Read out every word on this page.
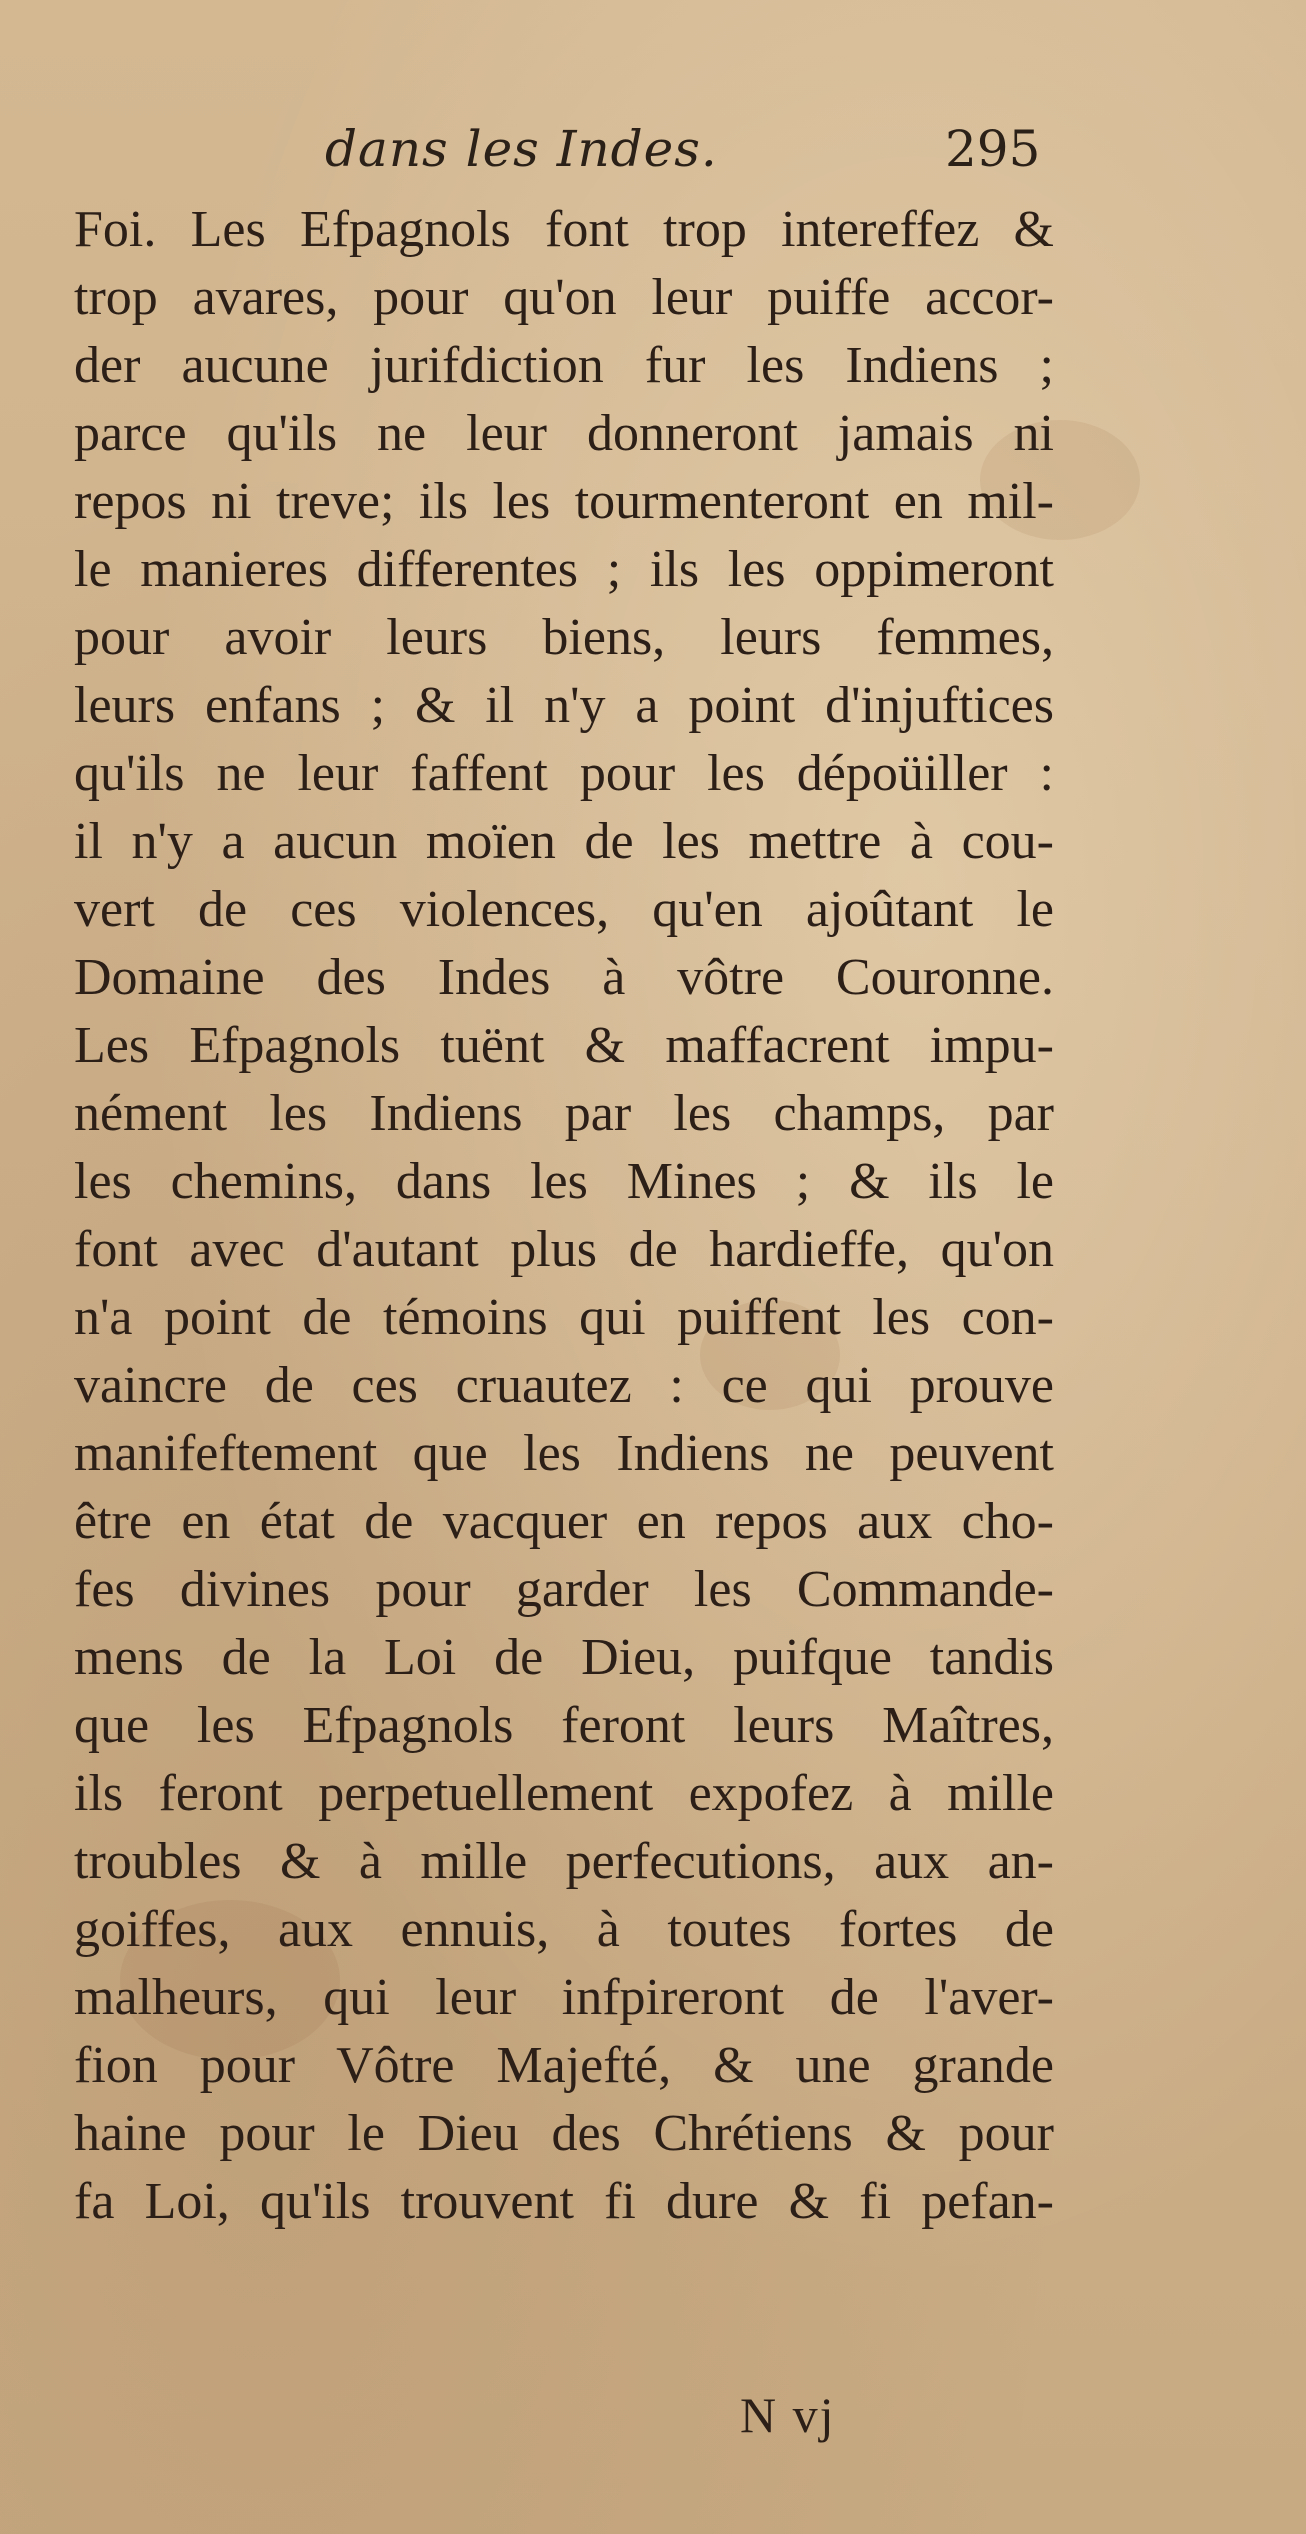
dans les Indes.	295
Foi. Les Efpagnols font trop intereffez &
trop avares, pour qu'on leur puiffe accor-
der aucune jurifdiction fur les Indiens ;
parce qu'ils ne leur donneront jamais ni
repos ni treve; ils les tourmenteront en mil-
le manieres differentes ; ils les oppimeront
pour avoir leurs biens, leurs femmes,
leurs enfans ; & il n'y a point d'injuftices
qu'ils ne leur faffent pour les dépoüiller :
il n'y a aucun moïen de les mettre à cou-
vert de ces violences, qu'en ajoûtant le
Domaine des Indes à vôtre Couronne.
Les Efpagnols tuënt & maffacrent impu-
nément les Indiens par les champs, par
les chemins, dans les Mines ; & ils le
font avec d'autant plus de hardieffe, qu'on
n'a point de témoins qui puiffent les con-
vaincre de ces cruautez : ce qui prouve
manifeftement que les Indiens ne peuvent
être en état de vacquer en repos aux cho-
fes divines pour garder les Commande-
mens de la Loi de Dieu, puifque tandis
que les Efpagnols feront leurs Maîtres,
ils feront perpetuellement expofez à mille
troubles & à mille perfecutions, aux an-
goiffes, aux ennuis, à toutes fortes de
malheurs, qui leur infpireront de l'aver-
fion pour Vôtre Majefté, & une grande
haine pour le Dieu des Chrétiens & pour
fa Loi, qu'ils trouvent fi dure & fi pefan-
N vj
